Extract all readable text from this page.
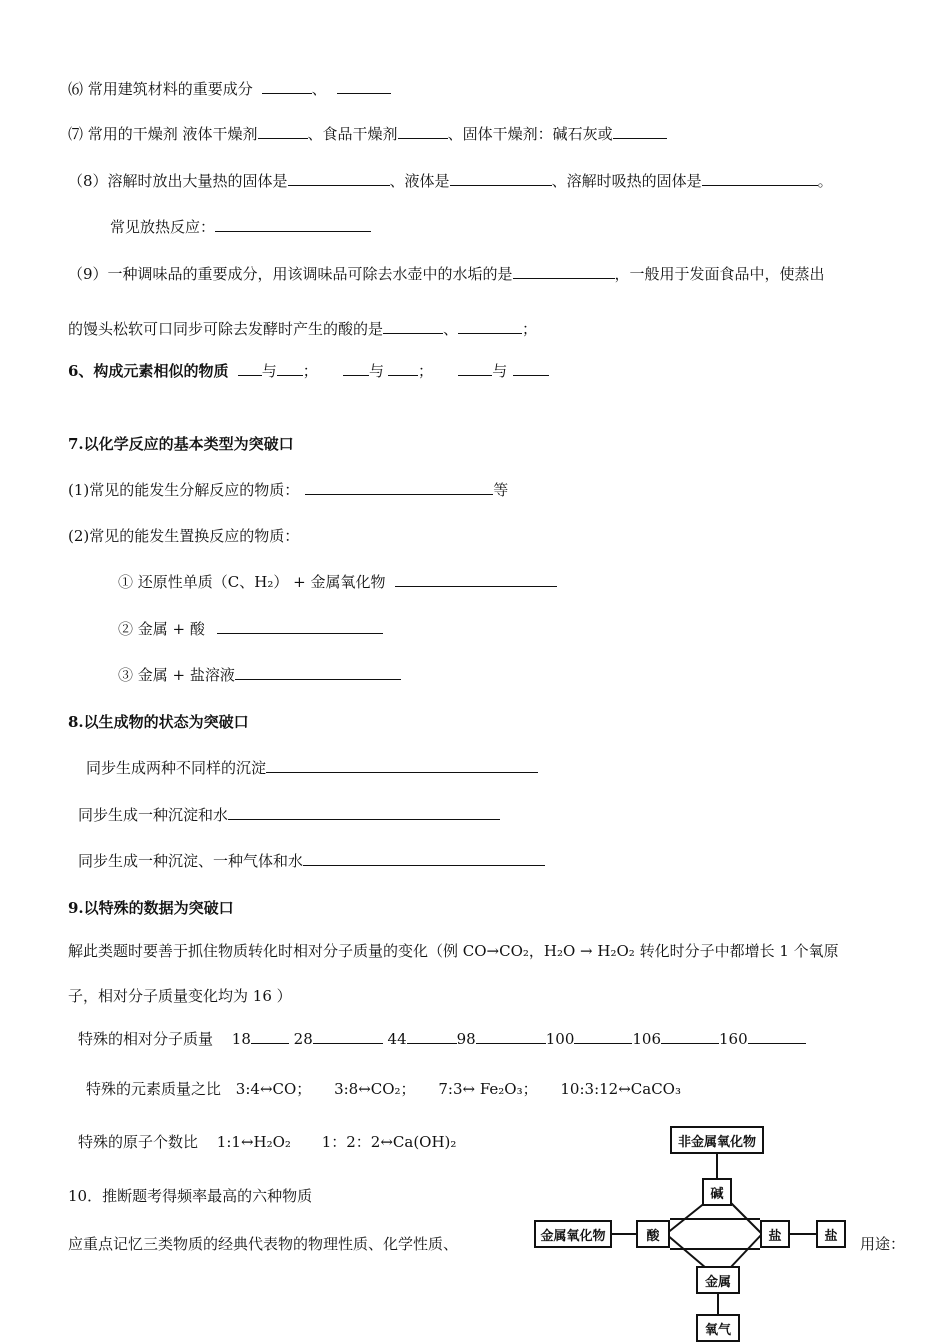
⑹ 常用建筑材料的重要成分	、
⑺ 常用的干燥剂 液体干燥剂	、食品干燥剂	、固体干燥剂：碱石灰或
（8）溶解时放出大量热的固体是	、液体是	、溶解时吸热的固体是	。
常见放热反应：
（9）一种调味品的重要成分，用该调味品可除去水壶中的水垢的是	，一般用于发面食品中，使蒸出
的馒头松软可口同步可除去发酵时产生的酸的是	、	；
6、构成元素相似的物质 与 ；	与 ；	与
7.以化学反应的基本类型为突破口
(1)常见的能发生分解反应的物质：	等
(2)常见的能发生置换反应的物质：
① 还原性单质（C、H₂） + 金属氧化物
② 金属 + 酸
③ 金属 + 盐溶液
8.以生成物的状态为突破口
同步生成两种不同样的沉淀
同步生成一种沉淀和水
同步生成一种沉淀、一种气体和水
9.以特殊的数据为突破口
解此类题时要善于抓住物质转化时相对分子质量的变化（例 CO→CO₂，H₂O → H₂O₂ 转化时分子中都增长 1 个氧原
子，相对分子质量变化均为 16 ）
特殊的相对分子质量 18	28	44	98	100	106	160
特殊的元素质量之比 3:4↔CO； 3:8↔CO₂； 7:3↔ Fe₂O₃； 10:3:12↔CaCO₃
特殊的原子个数比 1:1↔H₂O₂ 1：2：2↔Ca(OH)₂
10．推断题考得频率最高的六种物质
应重点记忆三类物质的经典代表物的物理性质、化学性质、	用途：
非金属氧化物
碱
金属氧化物	酸	盐	盐
金属
氧气
